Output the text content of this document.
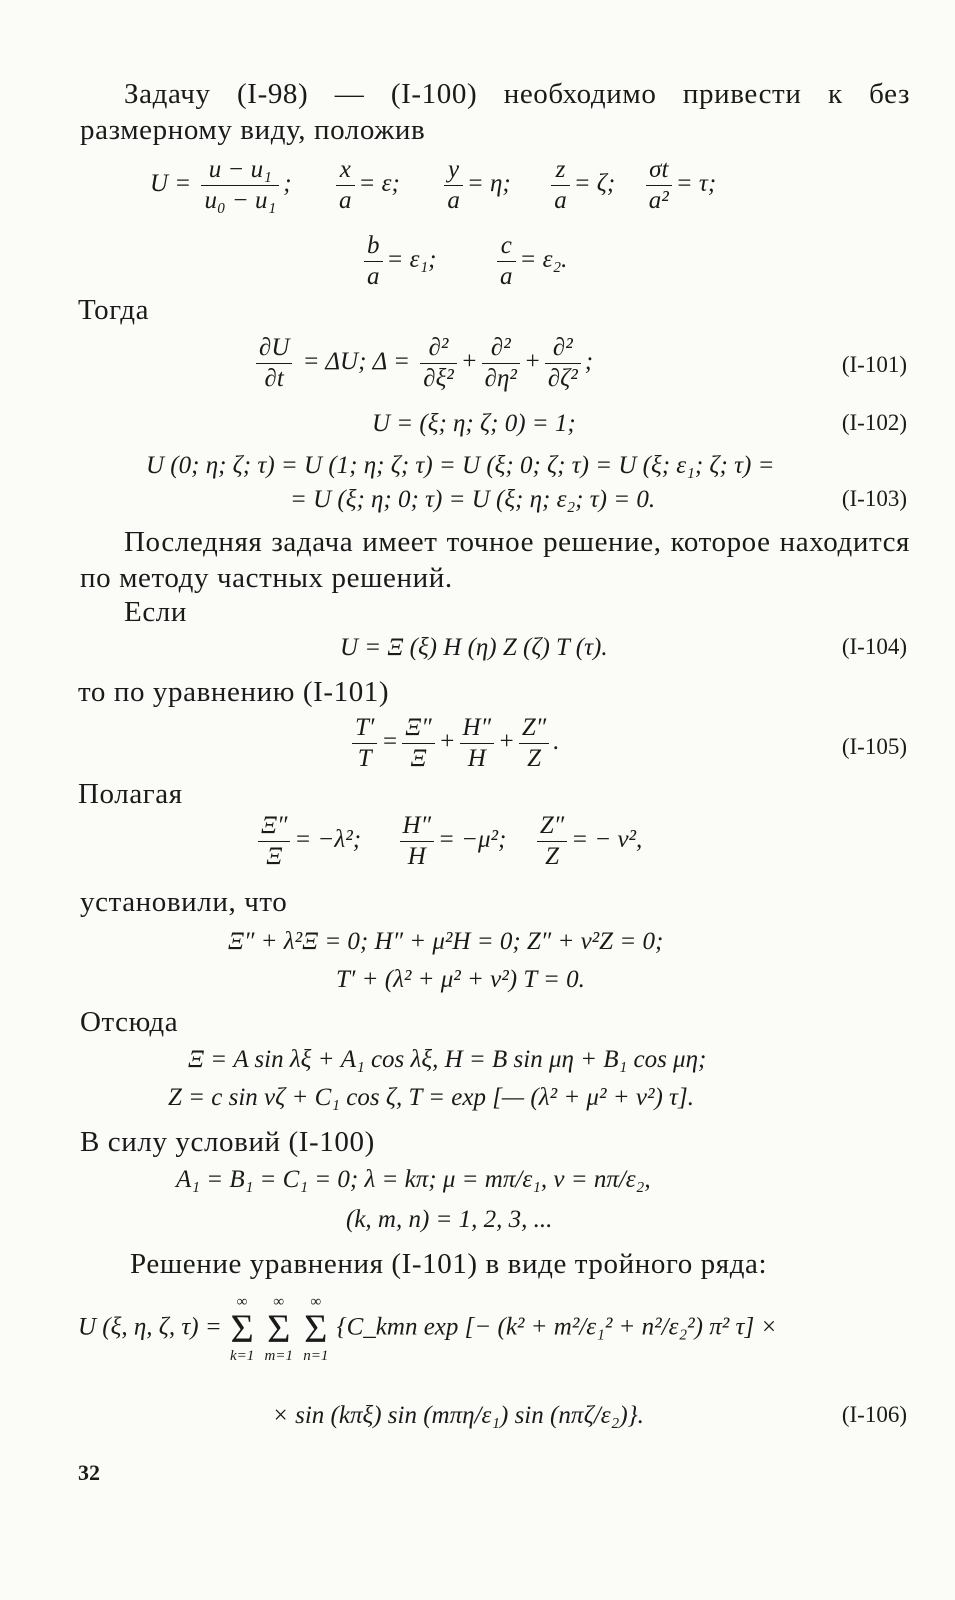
Задачу (I-98) — (I-100) необходимо привести к без размерному виду, положив
$U = \frac{\text{u − u₁}}{\text{u₀ − u₁}}$ ; $\frac{x}{a} = \varepsilon$; $\frac{y}{a} = \eta$; $\frac{z}{a} = \zeta$; $\frac{\sigma t}{\text{a²}} = \tau$;
$\frac{b}{a} = \varepsilon_1$; $\frac{c}{a} = \varepsilon_2$.
Тогда
$\frac{\partial U}{\partial t} = \Delta U$; $\Delta = \frac{\text{∂²}}{\text{∂ξ²}} + \frac{\text{∂²}}{\text{∂η²}} + \frac{\text{∂²}}{\text{∂ζ²}}$ ;	(I-101)
U = (ξ; η; ζ; 0) = 1;	(I-102)
U (0; η; ζ; τ) = U (1; η; ζ; τ) = U (ξ; 0; ζ; τ) = U (ξ; ε₁; ζ; τ) =
= U (ξ; η; 0; τ) = U (ξ; η; ε₂; τ) = 0.	(I-103)
Последняя задача имеет точное решение, которое находится по методу частных решений.
Если
U = Ξ (ξ) H (η) Z (ζ) T (τ).	(I-104)
то по уравнению (I-101)
$\frac{T'}{T} = \frac{\Xi''}{\Xi} + \frac{H''}{H} + \frac{Z''}{Z}$ .	(I-105)
Полагая
$\frac{\Xi''}{\Xi} = -\lambda^2$; $\frac{H''}{H} = -\mu^2$; $\frac{Z''}{Z}$ = − ν²,
установили, что
Ξ″ + λ²Ξ = 0; H″ + μ²H = 0; Z″ + ν²Z = 0;
T′ + (λ² + μ² + ν²) T = 0.
Отсюда
Ξ = A sin λξ + A₁ cos λξ, H = B sin μη + B₁ cos μη;
Z = c sin νζ + C₁ cos ζ, T = exp [— (λ² + μ² + ν²) τ].
В силу условий (I-100)
A₁ = B₁ = C₁ = 0; λ = kπ; μ = mπ/ε₁, ν = nπ/ε₂,
(k, m, n) = 1, 2, 3, ...
Решение уравнения (I-101) в виде тройного ряда:
U (ξ, η, ζ, τ) =
∞
Σ
k=1

∞
Σ
m=1

∞
Σ
n=1
{C_kmn exp [− (k² + m²/ε₁² + n²/ε₂²) π² τ] ×
× sin (kπξ) sin (mπη/ε₁) sin (nπζ/ε₂)}.	(I-106)
32
